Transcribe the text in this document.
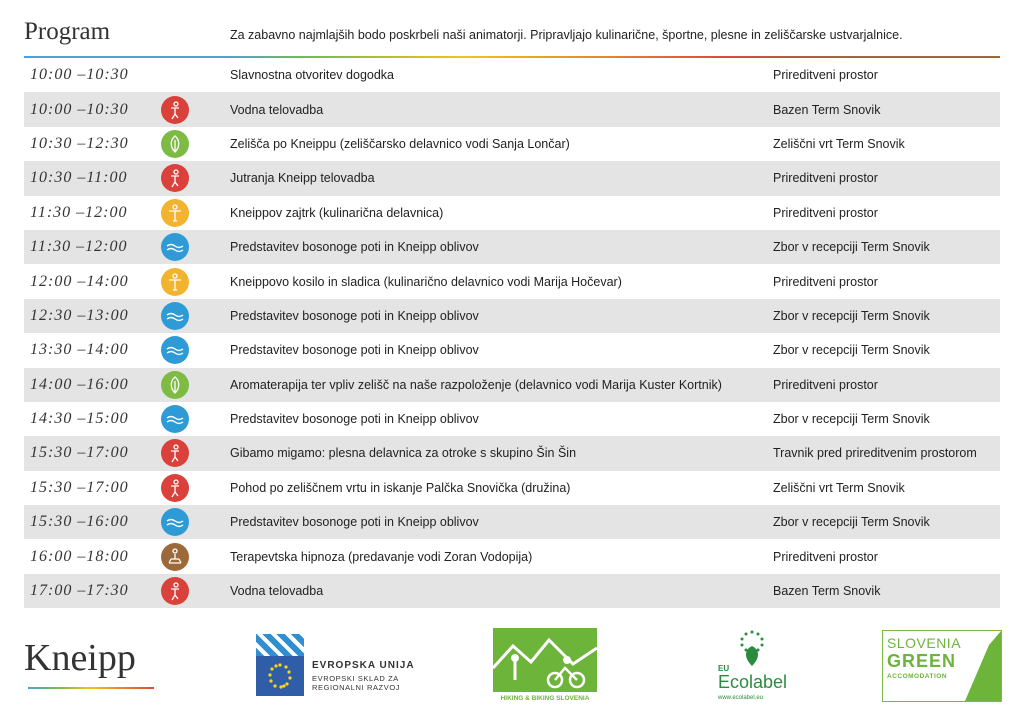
Program	Za zabavno najmlajših bodo poskrbeli naši animatorji. Pripravljajo kulinarične, športne, plesne in zeliščarske ustvarjalnice.
10:00 –10:30	Slavnostna otvoritev dogodka	Prireditveni prostor
10:00 –10:30	Vodna telovadba	Bazen Term Snovik
10:30 –12:30	Zelišča po Kneippu (zeliščarsko delavnico vodi Sanja Lončar)	Zeliščni vrt Term Snovik
10:30 –11:00	Jutranja Kneipp telovadba	Prireditveni prostor
11:30 –12:00	Kneippov zajtrk (kulinarična delavnica)	Prireditveni prostor
11:30 –12:00	Predstavitev bosonoge poti in Kneipp oblivov	Zbor v recepciji Term Snovik
12:00 –14:00	Kneippovo kosilo in sladica (kulinarično delavnico vodi Marija Hočevar)	Prireditveni prostor
12:30 –13:00	Predstavitev bosonoge poti in Kneipp oblivov	Zbor v recepciji Term Snovik
13:30 –14:00	Predstavitev bosonoge poti in Kneipp oblivov	Zbor v recepciji Term Snovik
14:00 –16:00	Aromaterapija ter vpliv zelišč na naše razpoloženje (delavnico vodi Marija Kuster Kortnik)	Prireditveni prostor
14:30 –15:00	Predstavitev bosonoge poti in Kneipp oblivov	Zbor v recepciji Term Snovik
15:30 –17:00	Gibamo migamo: plesna delavnica za otroke s skupino Šin Šin	Travnik pred prireditvenim prostorom
15:30 –17:00	Pohod po zeliščnem vrtu in iskanje Palčka Snovička (družina)	Zeliščni vrt Term Snovik
15:30 –16:00	Predstavitev bosonoge poti in Kneipp oblivov	Zbor v recepciji Term Snovik
16:00 –18:00	Terapevtska hipnoza (predavanje vodi Zoran Vodopija)	Prireditveni prostor
17:00 –17:30	Vodna telovadba	Bazen Term Snovik
Kneipp	EVROPSKA UNIJA
EVROPSKI SKLAD ZA
REGIONALNI RAZVOJ
HIKING & BIKING SLOVENIA
EU
Ecolabel
www.ecolabel.eu
SLOVENIA
GREEN
ACCOMODATION
